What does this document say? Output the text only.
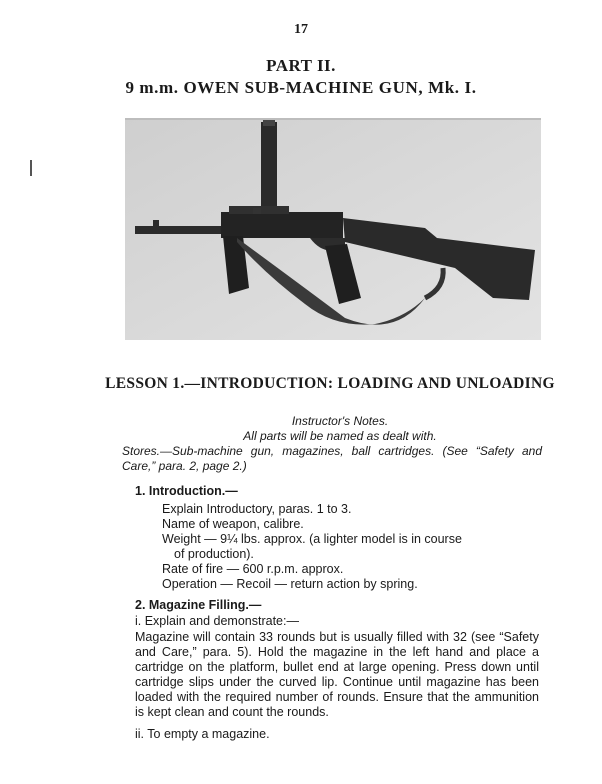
17
PART II.
9 m.m. OWEN SUB-MACHINE GUN, Mk. I.
LESSON 1.—INTRODUCTION: LOADING AND UNLOADING
Instructor's Notes.
All parts will be named as dealt with.
Stores.—Sub-machine gun, magazines, ball cartridges. (See “Safety and Care,” para. 2, page 2.)
1. Introduction.—
Explain Introductory, paras. 1 to 3.
Name of weapon, calibre.
Weight — 9¼ lbs. approx. (a lighter model is in course
of production).
Rate of fire — 600 r.p.m. approx.
Operation — Recoil — return action by spring.
2. Magazine Filling.—
i. Explain and demonstrate:—
Magazine will contain 33 rounds but is usually filled with 32 (see “Safety and Care,” para. 5). Hold the magazine in the left hand and place a cartridge on the platform, bullet end at large opening. Press down until cartridge slips under the curved lip. Continue until magazine has been loaded with the required number of rounds. Ensure that the ammunition is kept clean and count the rounds.
ii. To empty a magazine.
